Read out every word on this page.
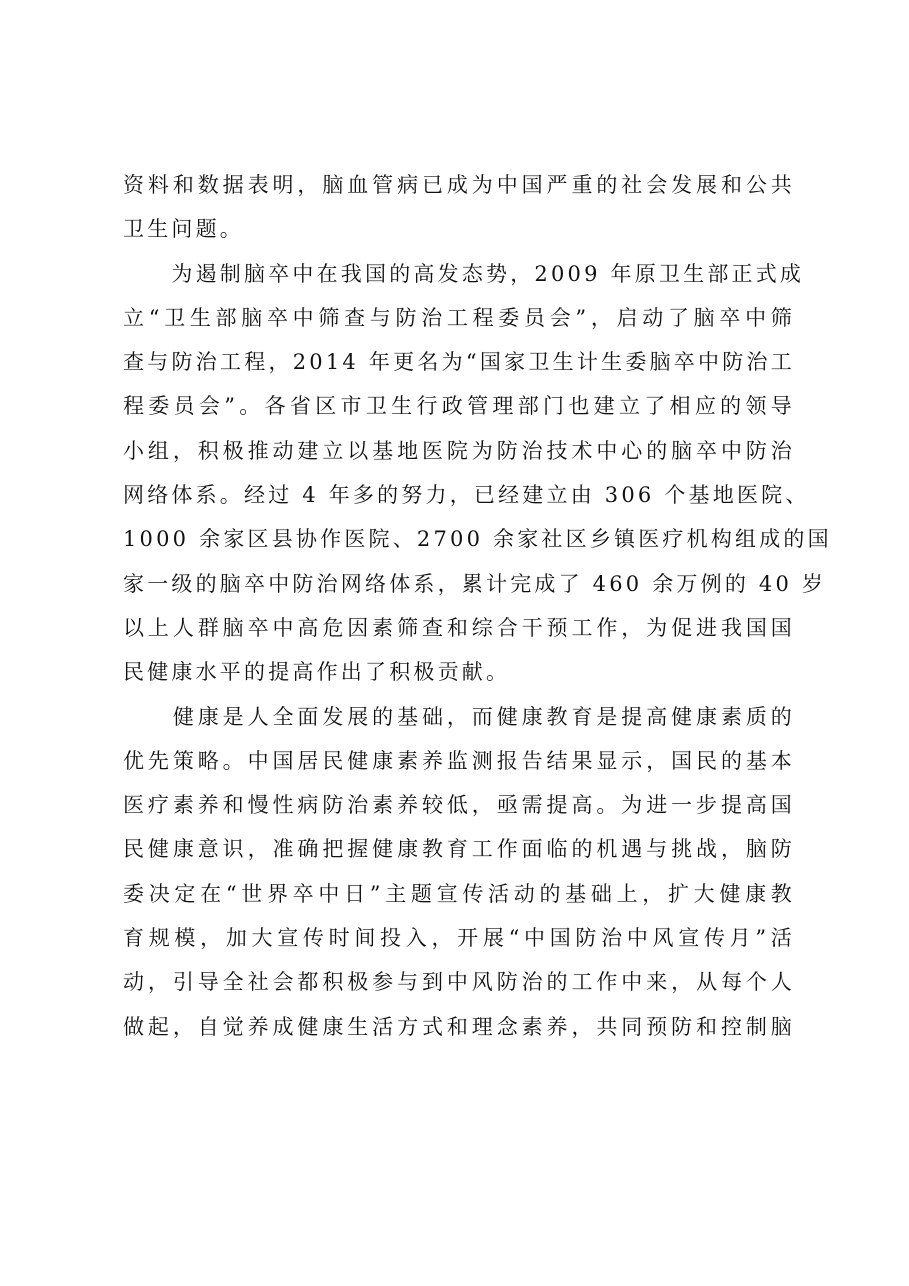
资料和数据表明，脑血管病已成为中国严重的社会发展和公共
卫生问题。
　　为遏制脑卒中在我国的高发态势，2009 年原卫生部正式成
立“卫生部脑卒中筛查与防治工程委员会”，启动了脑卒中筛
查与防治工程，2014 年更名为“国家卫生计生委脑卒中防治工
程委员会”。各省区市卫生行政管理部门也建立了相应的领导
小组，积极推动建立以基地医院为防治技术中心的脑卒中防治
网络体系。经过 4 年多的努力，已经建立由 306 个基地医院、
1000 余家区县协作医院、2700 余家社区乡镇医疗机构组成的国
家一级的脑卒中防治网络体系，累计完成了 460 余万例的 40 岁
以上人群脑卒中高危因素筛查和综合干预工作，为促进我国国
民健康水平的提高作出了积极贡献。
　　健康是人全面发展的基础，而健康教育是提高健康素质的
优先策略。中国居民健康素养监测报告结果显示，国民的基本
医疗素养和慢性病防治素养较低，亟需提高。为进一步提高国
民健康意识，准确把握健康教育工作面临的机遇与挑战，脑防
委决定在“世界卒中日”主题宣传活动的基础上，扩大健康教
育规模，加大宣传时间投入，开展“中国防治中风宣传月”活
动，引导全社会都积极参与到中风防治的工作中来，从每个人
做起，自觉养成健康生活方式和理念素养，共同预防和控制脑
